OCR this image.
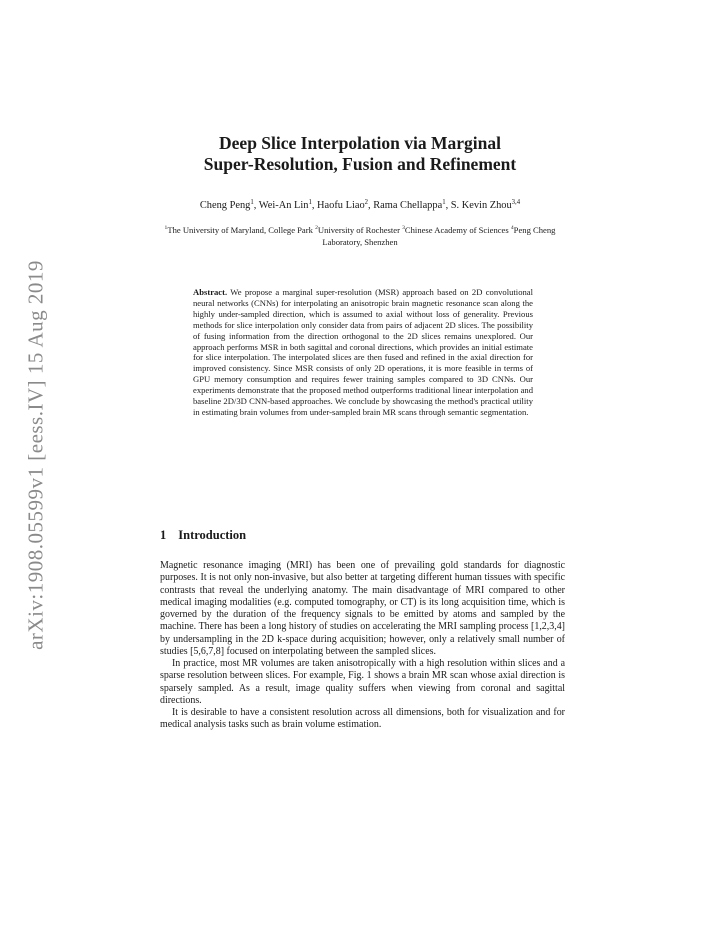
arXiv:1908.05599v1 [eess.IV] 15 Aug 2019
Deep Slice Interpolation via Marginal
Super-Resolution, Fusion and Refinement
Cheng Peng$^1$, Wei-An Lin$^1$, Haofu Liao$^2$, Rama Chellappa$^1$, S. Kevin Zhou$^{3,4}$
$^1$The University of Maryland, College Park $^2$University of Rochester $^3$Chinese Academy of Sciences $^4$Peng Cheng Laboratory, Shenzhen
Abstract. We propose a marginal super-resolution (MSR) approach based on 2D convolutional neural networks (CNNs) for interpolating an anisotropic brain magnetic resonance scan along the highly under-sampled direction, which is assumed to axial without loss of generality. Previous methods for slice interpolation only consider data from pairs of adjacent 2D slices. The possibility of fusing information from the direction orthogonal to the 2D slices remains unexplored. Our approach performs MSR in both sagittal and coronal directions, which provides an initial estimate for slice interpolation. The interpolated slices are then fused and refined in the axial direction for improved consistency. Since MSR consists of only 2D operations, it is more feasible in terms of GPU memory consumption and requires fewer training samples compared to 3D CNNs. Our experiments demonstrate that the proposed method outperforms traditional linear interpolation and baseline 2D/3D CNN-based approaches. We conclude by showcasing the method's practical utility in estimating brain volumes from under-sampled brain MR scans through semantic segmentation.
1 Introduction

Magnetic resonance imaging (MRI) has been one of prevailing gold standards for diagnostic purposes. It is not only non-invasive, but also better at targeting different human tissues with specific contrasts that reveal the underlying anatomy. The main disadvantage of MRI compared to other medical imaging modalities (e.g. computed tomography, or CT) is its long acquisition time, which is governed by the duration of the frequency signals to be emitted by atoms and sampled by the machine. There has been a long history of studies on accelerating the MRI sampling process [1,2,3,4] by undersampling in the 2D k-space during acquisition; however, only a relatively small number of studies [5,6,7,8] focused on interpolating between the sampled slices.

In practice, most MR volumes are taken anisotropically with a high resolution within slices and a sparse resolution between slices. For example, Fig. 1 shows a brain MR scan whose axial direction is sparsely sampled. As a result, image quality suffers when viewing from coronal and sagittal directions.

It is desirable to have a consistent resolution across all dimensions, both for visualization and for medical analysis tasks such as brain volume estimation.
